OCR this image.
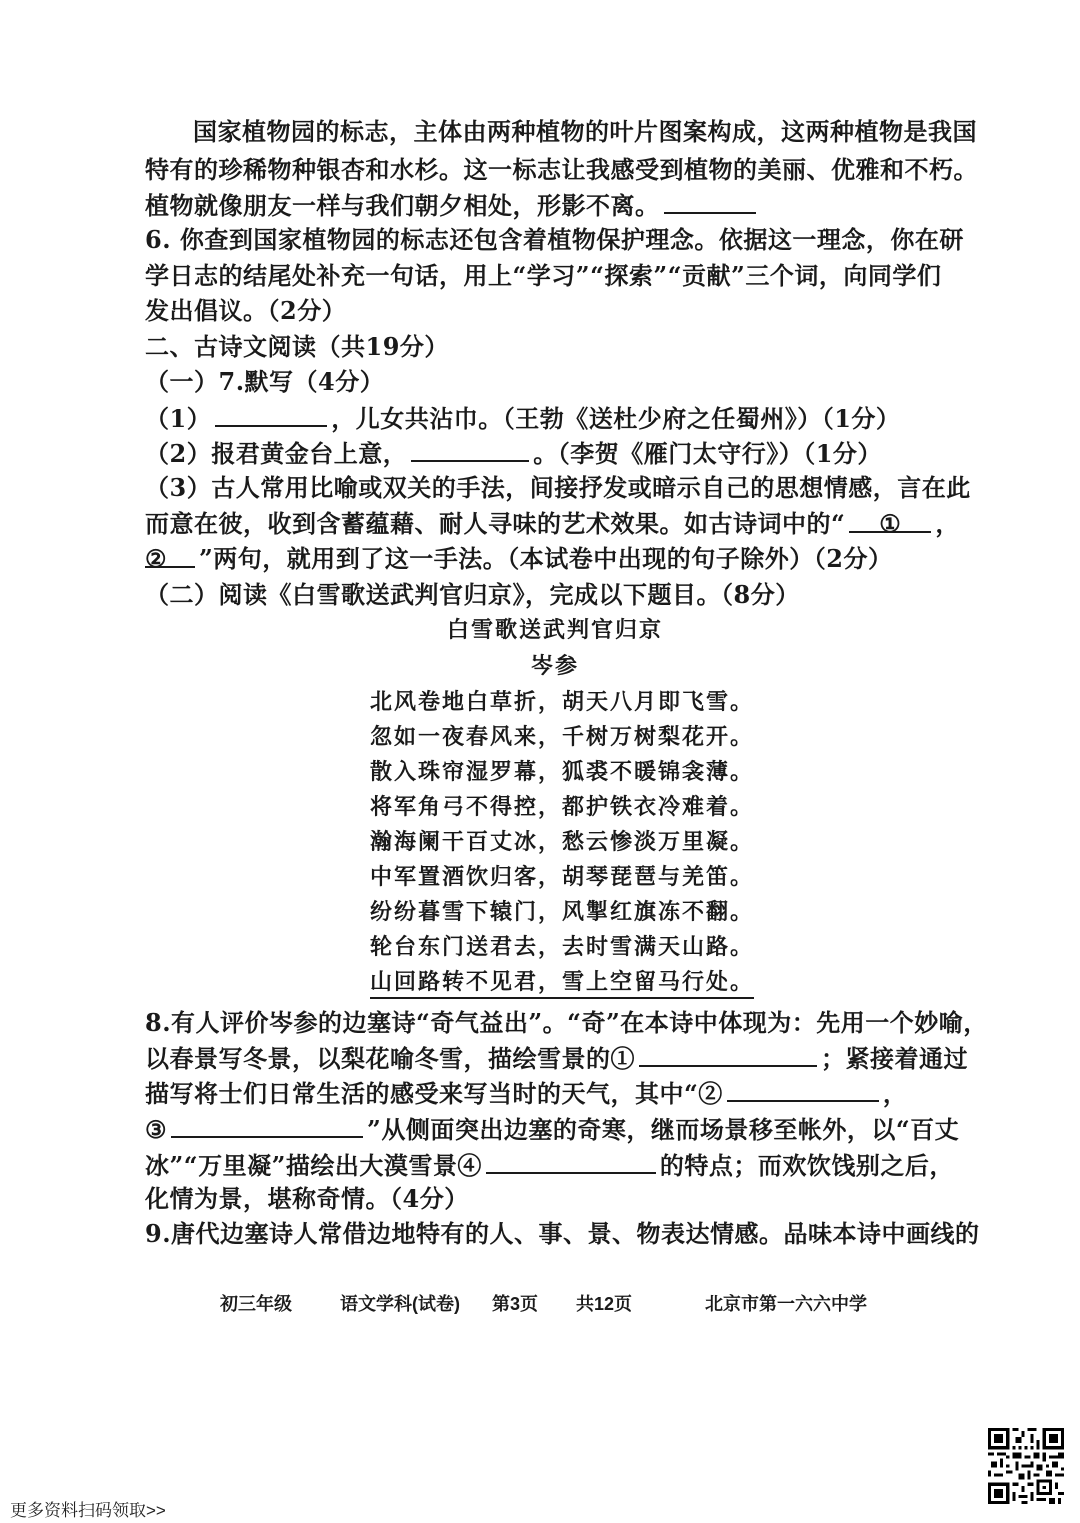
国家植物园的标志，主体由两种植物的叶片图案构成，这两种植物是我国
特有的珍稀物种银杏和水杉。这一标志让我感受到植物的美丽、优雅和不朽。
植物就像朋友一样与我们朝夕相处，形影不离。
6. 你查到国家植物园的标志还包含着植物保护理念。依据这一理念，你在研
学日志的结尾处补充一句话，用上“学习”“探索”“贡献”三个词，向同学们
发出倡议。（2分）
二、古诗文阅读（共19分）
（一）7.默写（4分）
（1）	，儿女共沾巾。（王勃《送杜少府之任蜀州》）（1分）
（2）报君黄金台上意，	。（李贺《雁门太守行》）（1分）
（3）古人常用比喻或双关的手法，间接抒发或暗示自己的思想情感，言在此
而意在彼，收到含蓄蕴藉、耐人寻味的艺术效果。如古诗词中的“ ① ，
② ”两句，就用到了这一手法。（本试卷中出现的句子除外）（2分）
（二）阅读《白雪歌送武判官归京》，完成以下题目。（8分）
白雪歌送武判官归京
岑参
北风卷地白草折，胡天八月即飞雪。
忽如一夜春风来，千树万树梨花开。
散入珠帘湿罗幕，狐裘不暖锦衾薄。
将军角弓不得控，都护铁衣冷难着。
瀚海阑干百丈冰，愁云惨淡万里凝。
中军置酒饮归客，胡琴琵琶与羌笛。
纷纷暮雪下辕门，风掣红旗冻不翻。
轮台东门送君去，去时雪满天山路。
山回路转不见君，雪上空留马行处。
8.有人评价岑参的边塞诗“奇气益出”。“奇”在本诗中体现为：先用一个妙喻，
以春景写冬景，以梨花喻冬雪，描绘雪景的①	；紧接着通过
描写将士们日常生活的感受来写当时的天气，其中“②	，
③	”从侧面突出边塞的奇寒，继而场景移至帐外，以“百丈
冰”“万里凝”描绘出大漠雪景④	的特点；而欢饮饯别之后，
化情为景，堪称奇情。（4分）
9.唐代边塞诗人常借边地特有的人、事、景、物表达情感。品味本诗中画线的
初三年级	语文学科(试卷) 第3页 共12页	北京市第一六六中学
更多资料扫码领取>>
